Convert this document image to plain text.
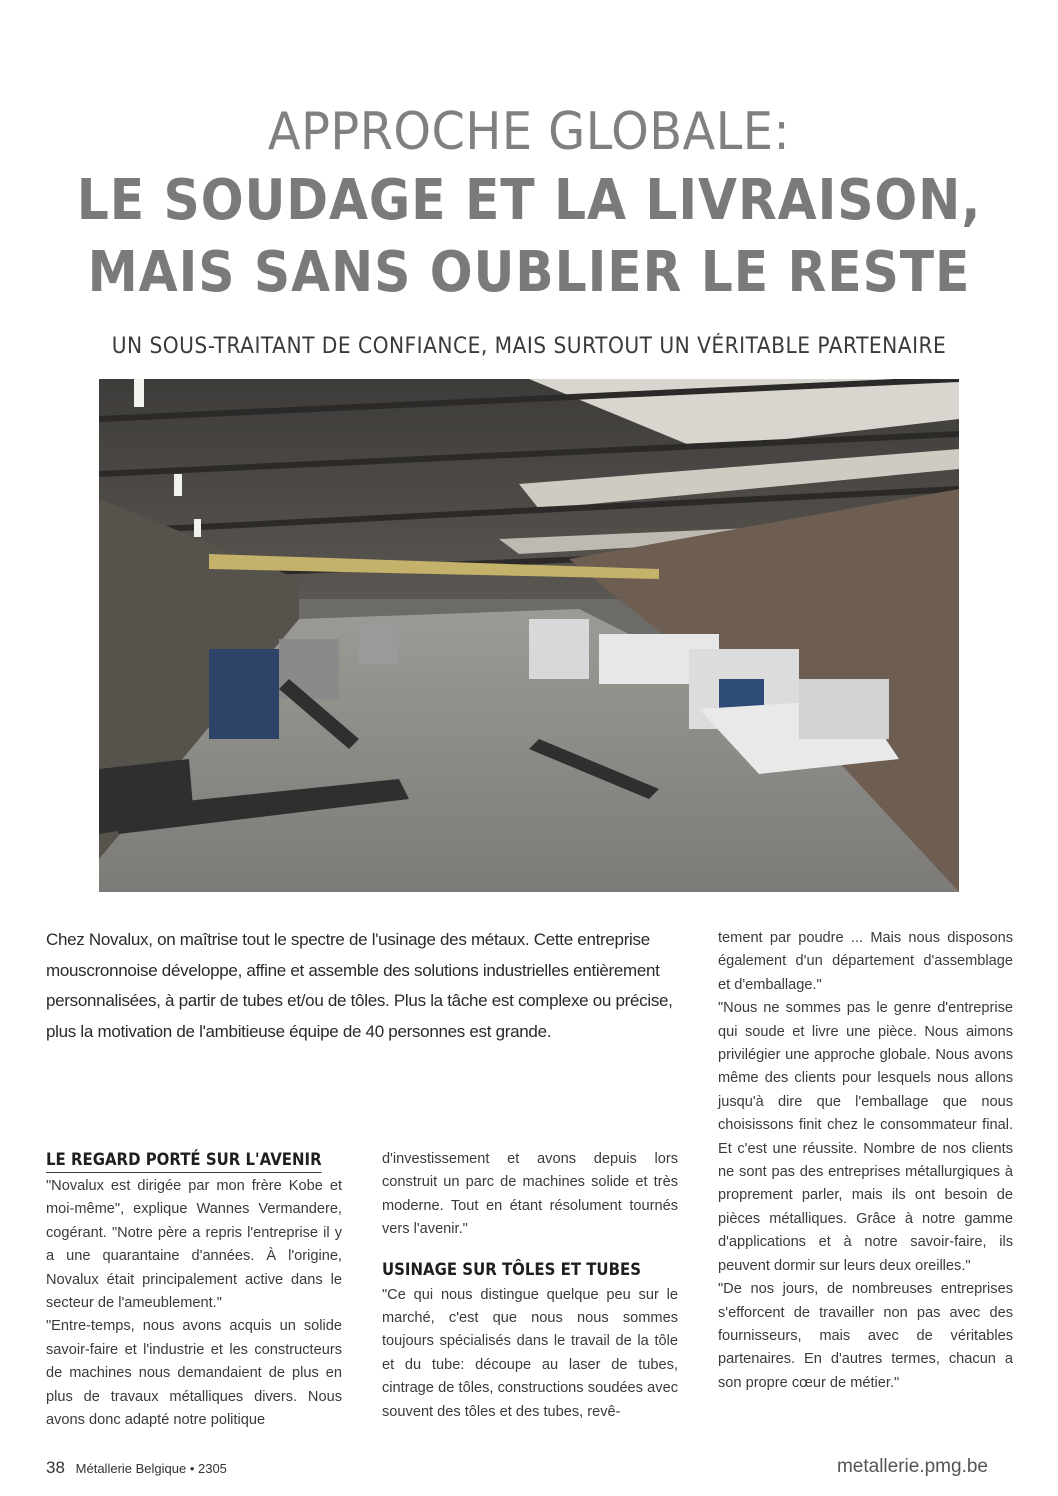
APPROCHE GLOBALE:
LE SOUDAGE ET LA LIVRAISON,
MAIS SANS OUBLIER LE RESTE
UN SOUS-TRAITANT DE CONFIANCE, MAIS SURTOUT UN VÉRITABLE PARTENAIRE
Chez Novalux, on maîtrise tout le spectre de l'usinage des métaux. Cette entreprise mouscronnoise développe, affine et assemble des solutions industrielles entièrement personnalisées, à partir de tubes et/ou de tôles. Plus la tâche est complexe ou précise, plus la motivation de l'ambitieuse équipe de 40 personnes est grande.
LE REGARD PORTÉ SUR L'AVENIR

"Novalux est dirigée par mon frère Kobe et moi-même", explique Wannes Vermandere, cogérant. "Notre père a repris l'entreprise il y a une quarantaine d'années. À l'origine, Novalux était principalement active dans le secteur de l'ameublement."

"Entre-temps, nous avons acquis un solide savoir-faire et l'industrie et les constructeurs de machines nous demandaient de plus en plus de travaux métalliques divers. Nous avons donc adapté notre politique

d'investissement et avons depuis lors construit un parc de machines solide et très moderne. Tout en étant résolument tournés vers l'avenir."

USINAGE SUR TÔLES ET TUBES

"Ce qui nous distingue quelque peu sur le marché, c'est que nous nous sommes toujours spécialisés dans le travail de la tôle et du tube: découpe au laser de tubes, cintrage de tôles, constructions soudées avec souvent des tôles et des tubes, revê-

tement par poudre ... Mais nous disposons également d'un département d'assemblage et d'emballage."

"Nous ne sommes pas le genre d'entreprise qui soude et livre une pièce. Nous aimons privilégier une approche globale. Nous avons même des clients pour lesquels nous allons jusqu'à dire que l'emballage que nous choisissons finit chez le consommateur final. Et c'est une réussite. Nombre de nos clients ne sont pas des entreprises métallurgiques à proprement parler, mais ils ont besoin de pièces métalliques. Grâce à notre gamme d'applications et à notre savoir-faire, ils peuvent dormir sur leurs deux oreilles."

"De nos jours, de nombreuses entreprises s'efforcent de travailler non pas avec des fournisseurs, mais avec de véritables partenaires. En d'autres termes, chacun a son propre cœur de métier."

38 Métallerie Belgique • 2305	metallerie.pmg.be
